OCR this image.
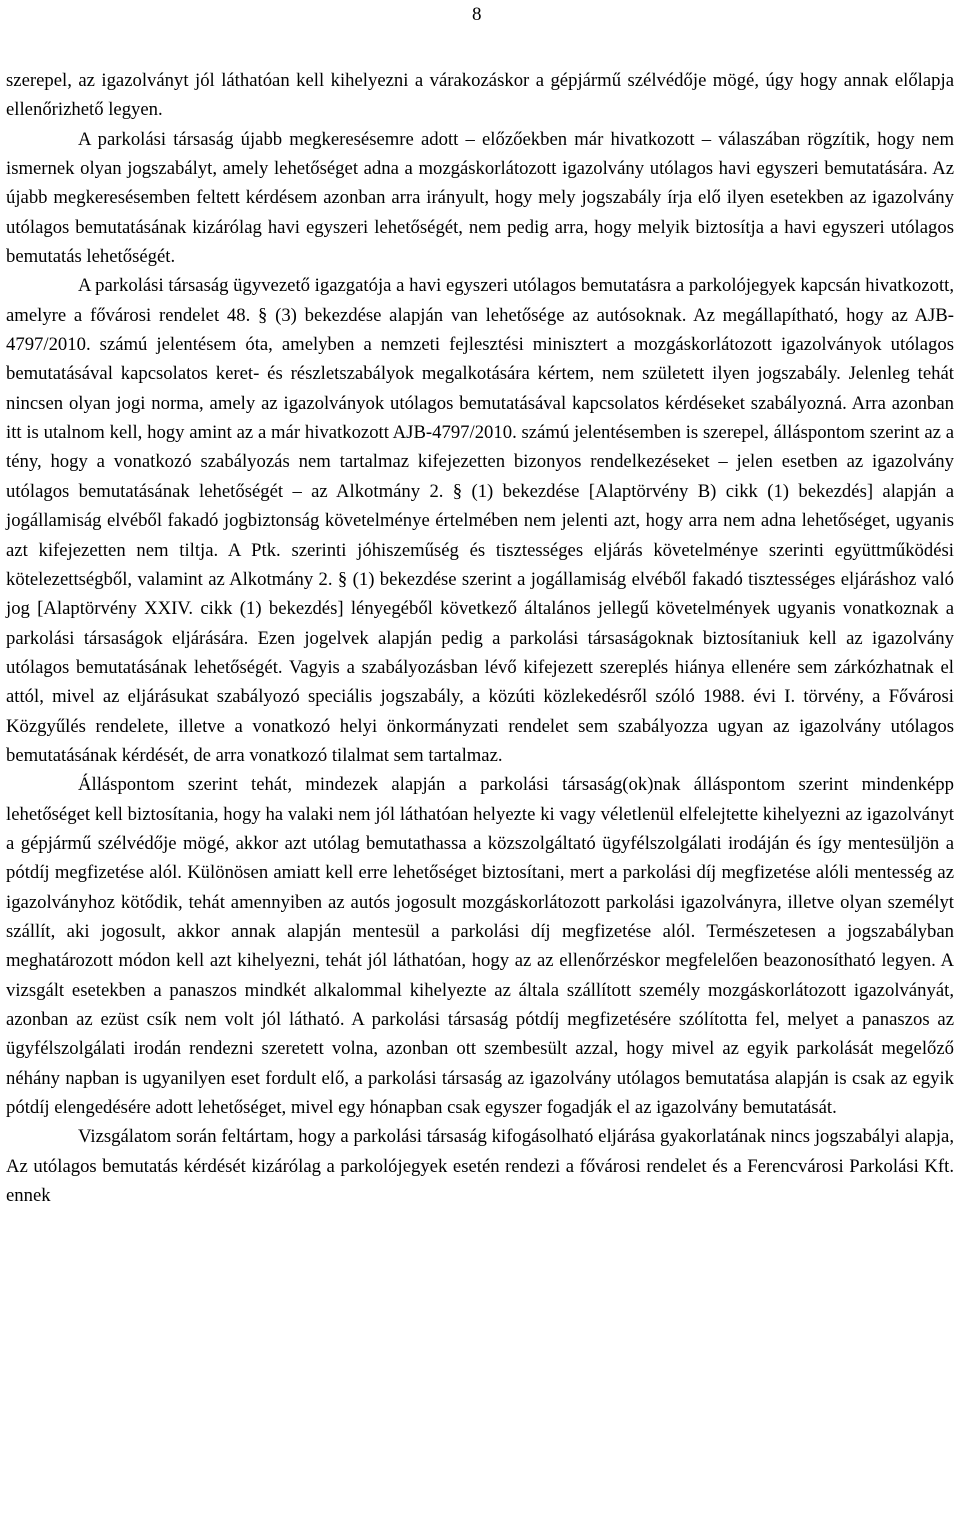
8

szerepel, az igazolványt jól láthatóan kell kihelyezni a várakozáskor a gépjármű szélvédője mögé, úgy hogy annak előlapja ellenőrizhető legyen.

A parkolási társaság újabb megkeresésemre adott – előzőekben már hivatkozott – válaszában rögzítik, hogy nem ismernek olyan jogszabályt, amely lehetőséget adna a mozgáskorlátozott igazolvány utólagos havi egyszeri bemutatására. Az újabb megkeresésemben feltett kérdésem azonban arra irányult, hogy mely jogszabály írja elő ilyen esetekben az igazolvány utólagos bemutatásának kizárólag havi egyszeri lehetőségét, nem pedig arra, hogy melyik biztosítja a havi egyszeri utólagos bemutatás lehetőségét.

A parkolási társaság ügyvezető igazgatója a havi egyszeri utólagos bemutatásra a parkolójegyek kapcsán hivatkozott, amelyre a fővárosi rendelet 48. § (3) bekezdése alapján van lehetősége az autósoknak. Az megállapítható, hogy az AJB-4797/2010. számú jelentésem óta, amelyben a nemzeti fejlesztési minisztert a mozgáskorlátozott igazolványok utólagos bemutatásával kapcsolatos keret- és részletszabályok megalkotására kértem, nem született ilyen jogszabály. Jelenleg tehát nincsen olyan jogi norma, amely az igazolványok utólagos bemutatásával kapcsolatos kérdéseket szabályozná. Arra azonban itt is utalnom kell, hogy amint az a már hivatkozott AJB-4797/2010. számú jelentésemben is szerepel, álláspontom szerint az a tény, hogy a vonatkozó szabályozás nem tartalmaz kifejezetten bizonyos rendelkezéseket – jelen esetben az igazolvány utólagos bemutatásának lehetőségét – az Alkotmány 2. § (1) bekezdése [Alaptörvény B) cikk (1) bekezdés] alapján a jogállamiság elvéből fakadó jogbiztonság követelménye értelmében nem jelenti azt, hogy arra nem adna lehetőséget, ugyanis azt kifejezetten nem tiltja. A Ptk. szerinti jóhiszeműség és tisztességes eljárás követelménye szerinti együttműködési kötelezettségből, valamint az Alkotmány 2. § (1) bekezdése szerint a jogállamiság elvéből fakadó tisztességes eljáráshoz való jog [Alaptörvény XXIV. cikk (1) bekezdés] lényegéből következő általános jellegű követelmények ugyanis vonatkoznak a parkolási társaságok eljárására. Ezen jogelvek alapján pedig a parkolási társaságoknak biztosítaniuk kell az igazolvány utólagos bemutatásának lehetőségét. Vagyis a szabályozásban lévő kifejezett szereplés hiánya ellenére sem zárkózhatnak el attól, mivel az eljárásukat szabályozó speciális jogszabály, a közúti közlekedésről szóló 1988. évi I. törvény, a Fővárosi Közgyűlés rendelete, illetve a vonatkozó helyi önkormányzati rendelet sem szabályozza ugyan az igazolvány utólagos bemutatásának kérdését, de arra vonatkozó tilalmat sem tartalmaz.

Álláspontom szerint tehát, mindezek alapján a parkolási társaság(ok)nak álláspontom szerint mindenképp lehetőséget kell biztosítania, hogy ha valaki nem jól láthatóan helyezte ki vagy véletlenül elfelejtette kihelyezni az igazolványt a gépjármű szélvédője mögé, akkor azt utólag bemutathassa a közszolgáltató ügyfélszolgálati irodáján és így mentesüljön a pótdíj megfizetése alól. Különösen amiatt kell erre lehetőséget biztosítani, mert a parkolási díj megfizetése alóli mentesség az igazolványhoz kötődik, tehát amennyiben az autós jogosult mozgáskorlátozott parkolási igazolványra, illetve olyan személyt szállít, aki jogosult, akkor annak alapján mentesül a parkolási díj megfizetése alól. Természetesen a jogszabályban meghatározott módon kell azt kihelyezni, tehát jól láthatóan, hogy az az ellenőrzéskor megfelelően beazonosítható legyen. A vizsgált esetekben a panaszos mindkét alkalommal kihelyezte az általa szállított személy mozgáskorlátozott igazolványát, azonban az ezüst csík nem volt jól látható. A parkolási társaság pótdíj megfizetésére szólította fel, melyet a panaszos az ügyfélszolgálati irodán rendezni szeretett volna, azonban ott szembesült azzal, hogy mivel az egyik parkolását megelőző néhány napban is ugyanilyen eset fordult elő, a parkolási társaság az igazolvány utólagos bemutatása alapján is csak az egyik pótdíj elengedésére adott lehetőséget, mivel egy hónapban csak egyszer fogadják el az igazolvány bemutatását.

Vizsgálatom során feltártam, hogy a parkolási társaság kifogásolható eljárása gyakorlatának nincs jogszabályi alapja, Az utólagos bemutatás kérdését kizárólag a parkolójegyek esetén rendezi a fővárosi rendelet és a Ferencvárosi Parkolási Kft. ennek
